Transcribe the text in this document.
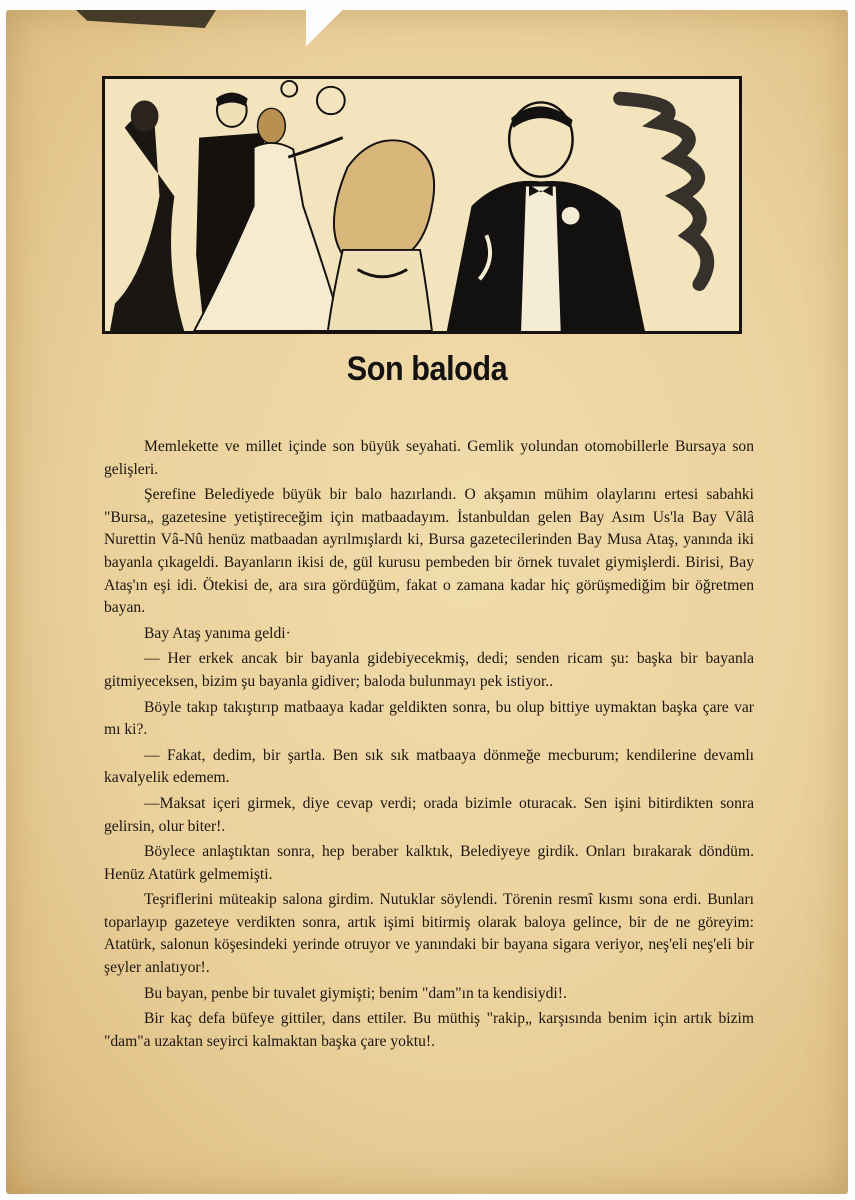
Son baloda

Memlekette ve millet içinde son büyük seyahati. Gemlik yolundan otomobillerle Bursaya son gelişleri.

Şerefine Belediyede büyük bir balo hazırlandı. O akşamın mühim olaylarını ertesi sabahki "Bursa„ gazetesine yetiştireceğim için matbaadayım. İstanbuldan gelen Bay Asım Us'la Bay Vâlâ Nurettin Vâ-Nû henüz matbaadan ayrılmışlardı ki, Bursa gazetecilerinden Bay Musa Ataş, yanında iki bayanla çıkageldi. Bayanların ikisi de, gül kurusu pembeden bir örnek tuvalet giymişlerdi. Birisi, Bay Ataş'ın eşi idi. Ötekisi de, ara sıra gördüğüm, fakat o zamana kadar hiç görüşmediğim bir öğretmen bayan.

Bay Ataş yanıma geldi·

— Her erkek ancak bir bayanla gidebiyecekmiş, dedi; senden ricam şu: başka bir bayanla gitmiyeceksen, bizim şu bayanla gidiver; baloda bulunmayı pek istiyor..

Böyle takıp takıştırıp matbaaya kadar geldikten sonra, bu olup bittiye uymaktan başka çare var mı ki?.

— Fakat, dedim, bir şartla. Ben sık sık matbaaya dönmeğe mecburum; kendilerine devamlı kavalyelik edemem.

—Maksat içeri girmek, diye cevap verdi; orada bizimle oturacak. Sen işini bitirdikten sonra gelirsin, olur biter!.

Böylece anlaştıktan sonra, hep beraber kalktık, Belediyeye girdik. Onları bırakarak döndüm. Henüz Atatürk gelmemişti.

Teşriflerini müteakip salona girdim. Nutuklar söylendi. Törenin resmî kısmı sona erdi. Bunları toparlayıp gazeteye verdikten sonra, artık işimi bitirmiş olarak baloya gelince, bir de ne göreyim: Atatürk, salonun köşesindeki yerinde otruyor ve yanındaki bir bayana sigara veriyor, neş'eli neş'eli bir şeyler anlatıyor!.

Bu bayan, penbe bir tuvalet giymişti; benim "dam"ın ta kendisiydi!.

Bir kaç defa büfeye gittiler, dans ettiler. Bu müthiş "rakip„ karşısında benim için artık bizim "dam"a uzaktan seyirci kalmaktan başka çare yoktu!.
